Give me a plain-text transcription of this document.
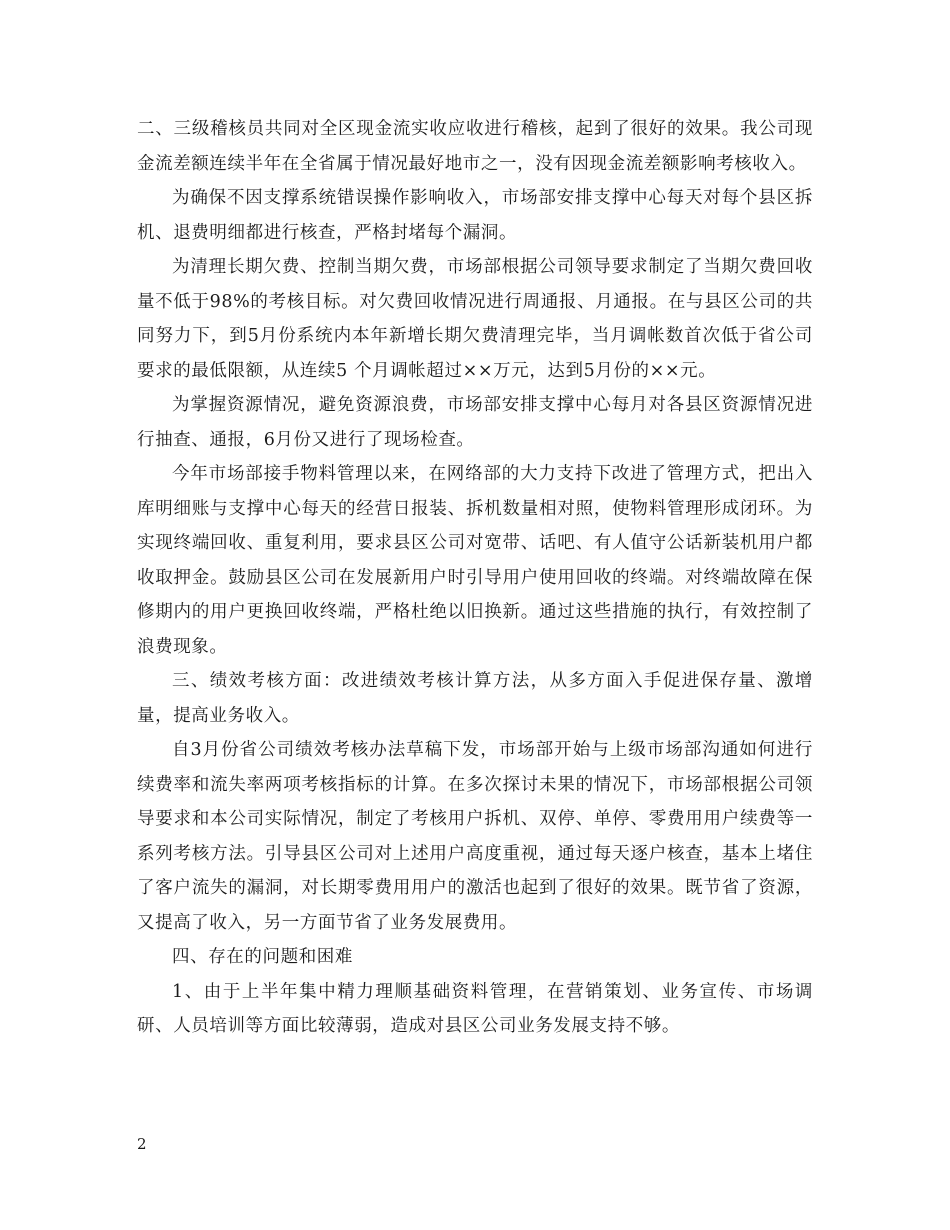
二、三级稽核员共同对全区现金流实收应收进行稽核，起到了很好的效果。我公司现金流差额连续半年在全省属于情况最好地市之一，没有因现金流差额影响考核收入。

为确保不因支撑系统错误操作影响收入，市场部安排支撑中心每天对每个县区拆机、退费明细都进行核查，严格封堵每个漏洞。

为清理长期欠费、控制当期欠费，市场部根据公司领导要求制定了当期欠费回收量不低于98%的考核目标。对欠费回收情况进行周通报、月通报。在与县区公司的共同努力下，到5月份系统内本年新增长期欠费清理完毕，当月调帐数首次低于省公司要求的最低限额，从连续5 个月调帐超过××万元，达到5月份的××元。

为掌握资源情况，避免资源浪费，市场部安排支撑中心每月对各县区资源情况进行抽查、通报，6月份又进行了现场检查。

今年市场部接手物料管理以来，在网络部的大力支持下改进了管理方式，把出入库明细账与支撑中心每天的经营日报装、拆机数量相对照，使物料管理形成闭环。为实现终端回收、重复利用，要求县区公司对宽带、话吧、有人值守公话新装机用户都收取押金。鼓励县区公司在发展新用户时引导用户使用回收的终端。对终端故障在保修期内的用户更换回收终端，严格杜绝以旧换新。通过这些措施的执行，有效控制了浪费现象。

三、绩效考核方面：改进绩效考核计算方法，从多方面入手促进保存量、激增量，提高业务收入。

自3月份省公司绩效考核办法草稿下发，市场部开始与上级市场部沟通如何进行续费率和流失率两项考核指标的计算。在多次探讨未果的情况下，市场部根据公司领导要求和本公司实际情况，制定了考核用户拆机、双停、单停、零费用用户续费等一系列考核方法。引导县区公司对上述用户高度重视，通过每天逐户核查，基本上堵住了客户流失的漏洞，对长期零费用用户的激活也起到了很好的效果。既节省了资源，又提高了收入，另一方面节省了业务发展费用。

四、存在的问题和困难

1、由于上半年集中精力理顺基础资料管理，在营销策划、业务宣传、市场调研、人员培训等方面比较薄弱，造成对县区公司业务发展支持不够。

2
